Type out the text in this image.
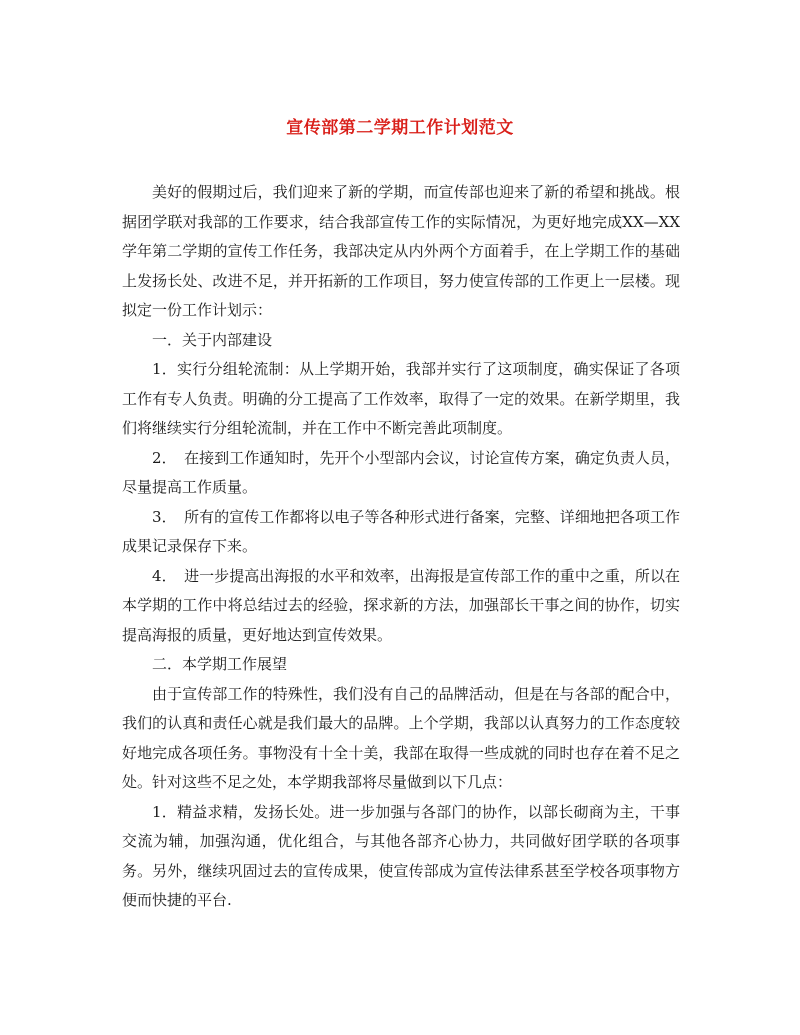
宣传部第二学期工作计划范文

美好的假期过后，我们迎来了新的学期，而宣传部也迎来了新的希望和挑战。根据团学联对我部的工作要求，结合我部宣传工作的实际情况，为更好地完成XX—XX学年第二学期的宣传工作任务，我部决定从内外两个方面着手，在上学期工作的基础上发扬长处、改进不足，并开拓新的工作项目，努力使宣传部的工作更上一层楼。现拟定一份工作计划示：

一．关于内部建设

1．实行分组轮流制：从上学期开始，我部并实行了这项制度，确实保证了各项工作有专人负责。明确的分工提高了工作效率，取得了一定的效果。在新学期里，我们将继续实行分组轮流制，并在工作中不断完善此项制度。

2．　在接到工作通知时，先开个小型部内会议，讨论宣传方案，确定负责人员，尽量提高工作质量。

3．　所有的宣传工作都将以电子等各种形式进行备案，完整、详细地把各项工作成果记录保存下来。

4．　进一步提高出海报的水平和效率，出海报是宣传部工作的重中之重，所以在本学期的工作中将总结过去的经验，探求新的方法，加强部长干事之间的协作，切实提高海报的质量，更好地达到宣传效果。

二．本学期工作展望

由于宣传部工作的特殊性，我们没有自己的品牌活动，但是在与各部的配合中，我们的认真和责任心就是我们最大的品牌。上个学期，我部以认真努力的工作态度较好地完成各项任务。事物没有十全十美，我部在取得一些成就的同时也存在着不足之处。针对这些不足之处，本学期我部将尽量做到以下几点：

1．精益求精，发扬长处。进一步加强与各部门的协作，以部长砌商为主，干事交流为辅，加强沟通，优化组合，与其他各部齐心协力，共同做好团学联的各项事务。另外，继续巩固过去的宣传成果，使宣传部成为宣传法律系甚至学校各项事物方便而快捷的平台.
